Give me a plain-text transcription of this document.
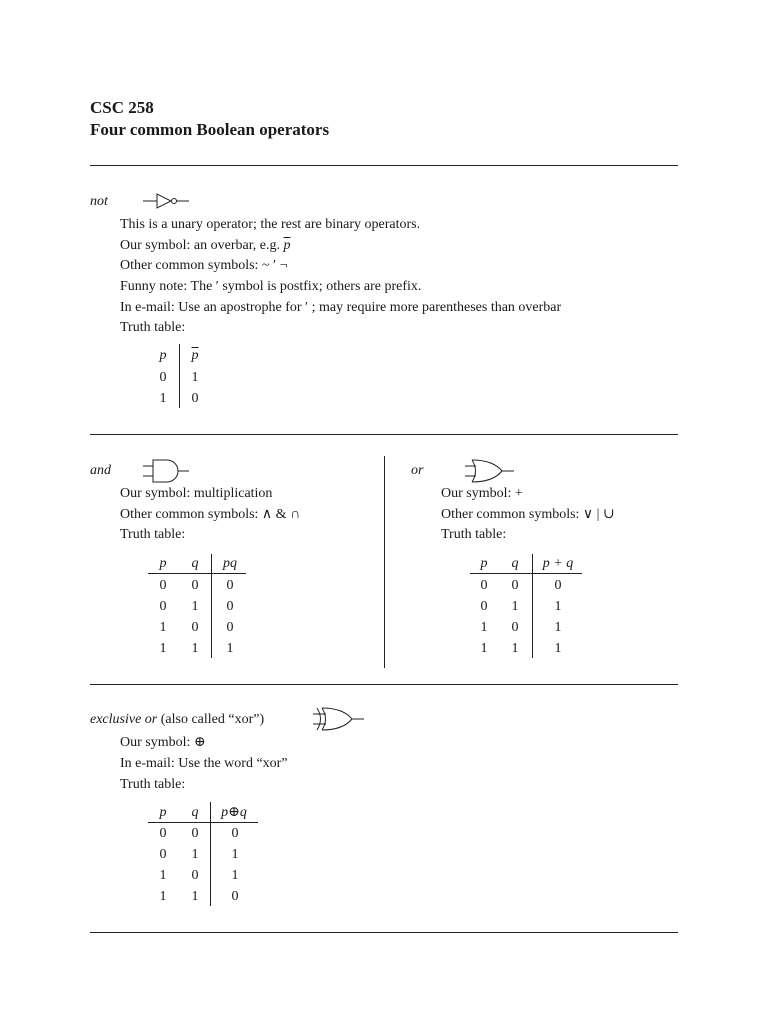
CSC 258
Four common Boolean operators
not
This is a unary operator; the rest are binary operators.
Our symbol: an overbar, e.g. $\overline{p}$
Other common symbols: ~ ′ ¬
Funny note: The ′ symbol is postfix; others are prefix.
In e-mail: Use an apostrophe for ′ ; may require more parentheses than overbar
Truth table:
p	$\overline{p}$
0	1
1	0
and
Our symbol: multiplication
Other common symbols: ∧ & ∩
Truth table:
p	q	pq
0	0	0
0	1	0
1	0	0
1	1	1
or
Our symbol: +
Other common symbols: ∨ | ∪
Truth table:
p	q	p + q
0	0	0
0	1	1
1	0	1
1	1	1
exclusive or (also called “xor”)
Our symbol: ⊕
In e-mail: Use the word “xor”
Truth table:
p	q	p⊕q
0	0	0
0	1	1
1	0	1
1	1	0
